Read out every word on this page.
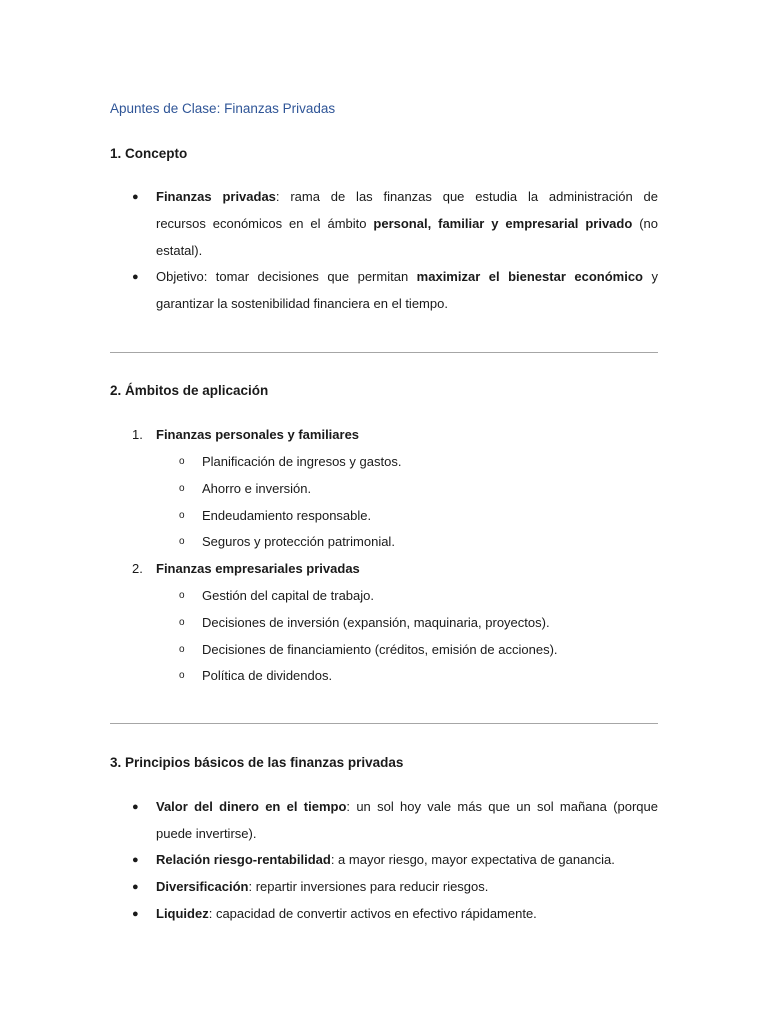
Apuntes de Clase: Finanzas Privadas
1. Concepto
● Finanzas privadas: rama de las finanzas que estudia la administración de
recursos económicos en el ámbito personal, familiar y empresarial privado (no
estatal).
● Objetivo: tomar decisiones que permitan maximizar el bienestar económico y
garantizar la sostenibilidad financiera en el tiempo.
2. Ámbitos de aplicación
1. Finanzas personales y familiares
o Planificación de ingresos y gastos.
o Ahorro e inversión.
o Endeudamiento responsable.
o Seguros y protección patrimonial.
2. Finanzas empresariales privadas
o Gestión del capital de trabajo.
o Decisiones de inversión (expansión, maquinaria, proyectos).
o Decisiones de financiamiento (créditos, emisión de acciones).
o Política de dividendos.
3. Principios básicos de las finanzas privadas
● Valor del dinero en el tiempo: un sol hoy vale más que un sol mañana (porque
puede invertirse).
● Relación riesgo-rentabilidad: a mayor riesgo, mayor expectativa de ganancia.
● Diversificación: repartir inversiones para reducir riesgos.
● Liquidez: capacidad de convertir activos en efectivo rápidamente.
